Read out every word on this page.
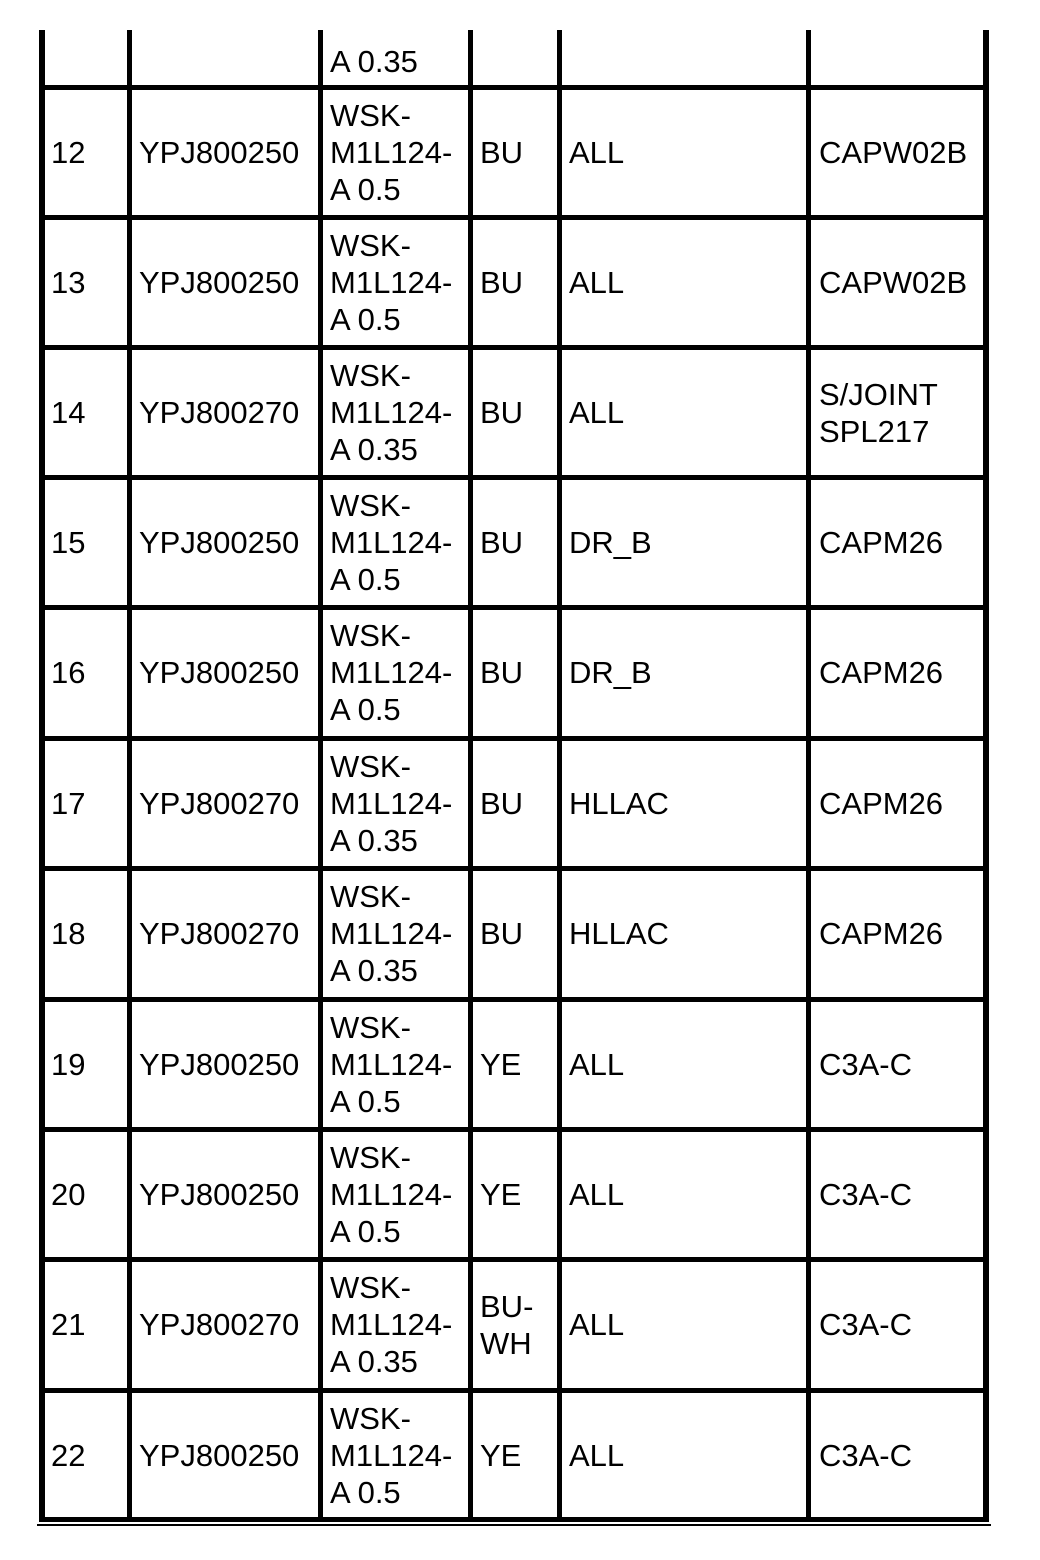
A 0.35
12 YPJ800250
WSK-
M1L124-
A 0.5
BU ALL	CAPW02B
13 YPJ800250
WSK-
M1L124-
A 0.5
BU ALL	CAPW02B
14 YPJ800270
WSK-
M1L124-
A 0.35
BU ALL
S/JOINT
SPL217
15 YPJ800250
WSK-
M1L124-
A 0.5
BU DR_B	CAPM26
16 YPJ800250
WSK-
M1L124-
A 0.5
BU DR_B	CAPM26
17 YPJ800270
WSK-
M1L124-
A 0.35
BU HLLAC	CAPM26
18 YPJ800270
WSK-
M1L124-
A 0.35
BU HLLAC	CAPM26
19 YPJ800250
WSK-
M1L124-
A 0.5
YE ALL	C3A-C
20 YPJ800250
WSK-
M1L124-
A 0.5
YE ALL	C3A-C
21 YPJ800270
WSK-
M1L124-
A 0.35
BU-
WH
ALL	C3A-C
22 YPJ800250
WSK-
M1L124-
A 0.5
YE ALL	C3A-C
